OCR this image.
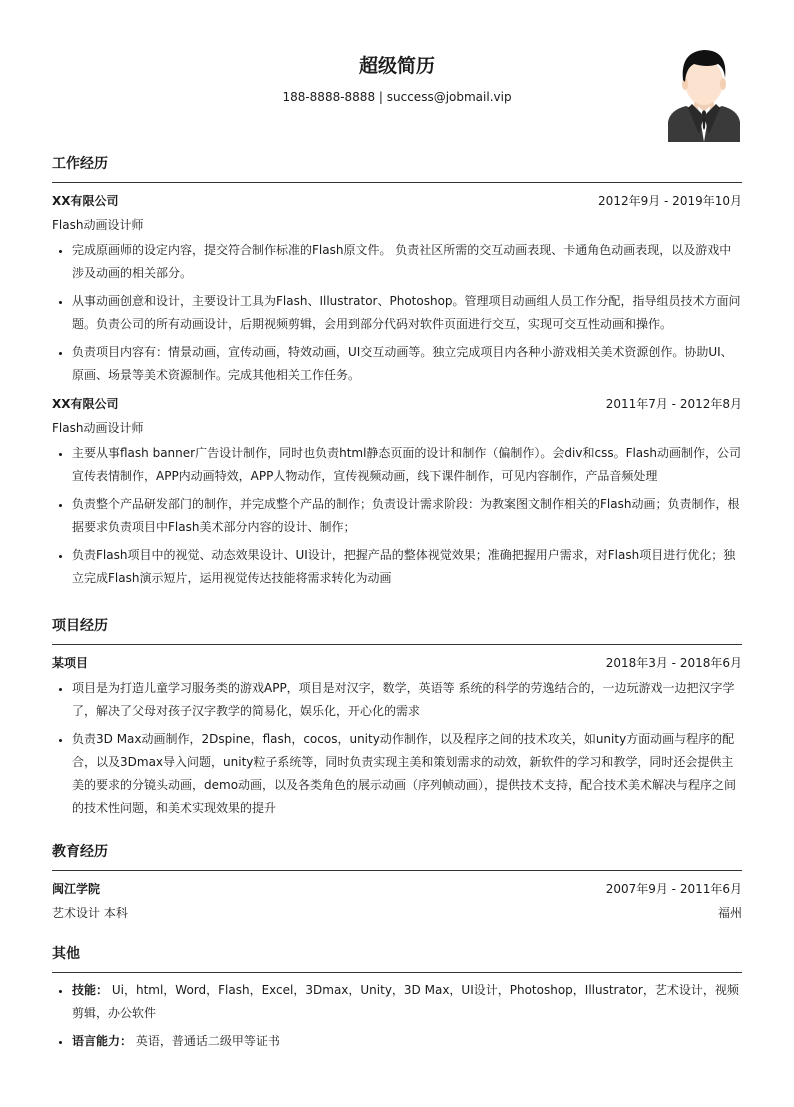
超级简历
188-8888-8888 | success@jobmail.vip
工作经历
XX有限公司	2012年9月 - 2019年10月
Flash动画设计师
• 完成原画师的设定内容，提交符合制作标准的Flash原文件。 负责社区所需的交互动画表现、卡通角色动画表现，以及游戏中涉及动画的相关部分。
• 从事动画创意和设计，主要设计工具为Flash、Illustrator、Photoshop。管理项目动画组人员工作分配，指导组员技术方面问题。负责公司的所有动画设计，后期视频剪辑，会用到部分代码对软件页面进行交互，实现可交互性动画和操作。
• 负责项目内容有：情景动画，宣传动画，特效动画，UI交互动画等。独立完成项目内各种小游戏相关美术资源创作。协助UI、原画、场景等美术资源制作。完成其他相关工作任务。
XX有限公司	2011年7月 - 2012年8月
Flash动画设计师
• 主要从事flash banner广告设计制作，同时也负责html静态页面的设计和制作（偏制作）。会div和css。Flash动画制作，公司宣传表情制作，APP内动画特效，APP人物动作，宣传视频动画，线下课件制作，可见内容制作，产品音频处理
• 负责整个产品研发部门的制作，并完成整个产品的制作；负责设计需求阶段：为教案图文制作相关的Flash动画；负责制作，根据要求负责项目中Flash美术部分内容的设计、制作；
• 负责Flash项目中的视觉、动态效果设计、UI设计，把握产品的整体视觉效果；准确把握用户需求，对Flash项目进行优化；独立完成Flash演示短片，运用视觉传达技能将需求转化为动画
项目经历
某项目	2018年3月 - 2018年6月
• 项目是为打造儿童学习服务类的游戏APP，项目是对汉字，数学，英语等 系统的科学的劳逸结合的，一边玩游戏一边把汉字学了，解决了父母对孩子汉字教学的简易化，娱乐化，开心化的需求
• 负责3D Max动画制作，2Dspine，flash，cocos，unity动作制作，以及程序之间的技术攻关，如unity方面动画与程序的配合，以及3Dmax导入问题，unity粒子系统等，同时负责实现主美和策划需求的动效，新软件的学习和教学，同时还会提供主美的要求的分镜头动画，demo动画，以及各类角色的展示动画（序列帧动画），提供技术支持，配合技术美术解决与程序之间的技术性问题，和美术实现效果的提升
教育经历
闽江学院	2007年9月 - 2011年6月
艺术设计 本科	福州
其他
• 技能： Ui，html，Word，Flash，Excel，3Dmax，Unity，3D Max，UI设计，Photoshop，Illustrator，艺术设计，视频剪辑，办公软件
• 语言能力： 英语，普通话二级甲等证书
